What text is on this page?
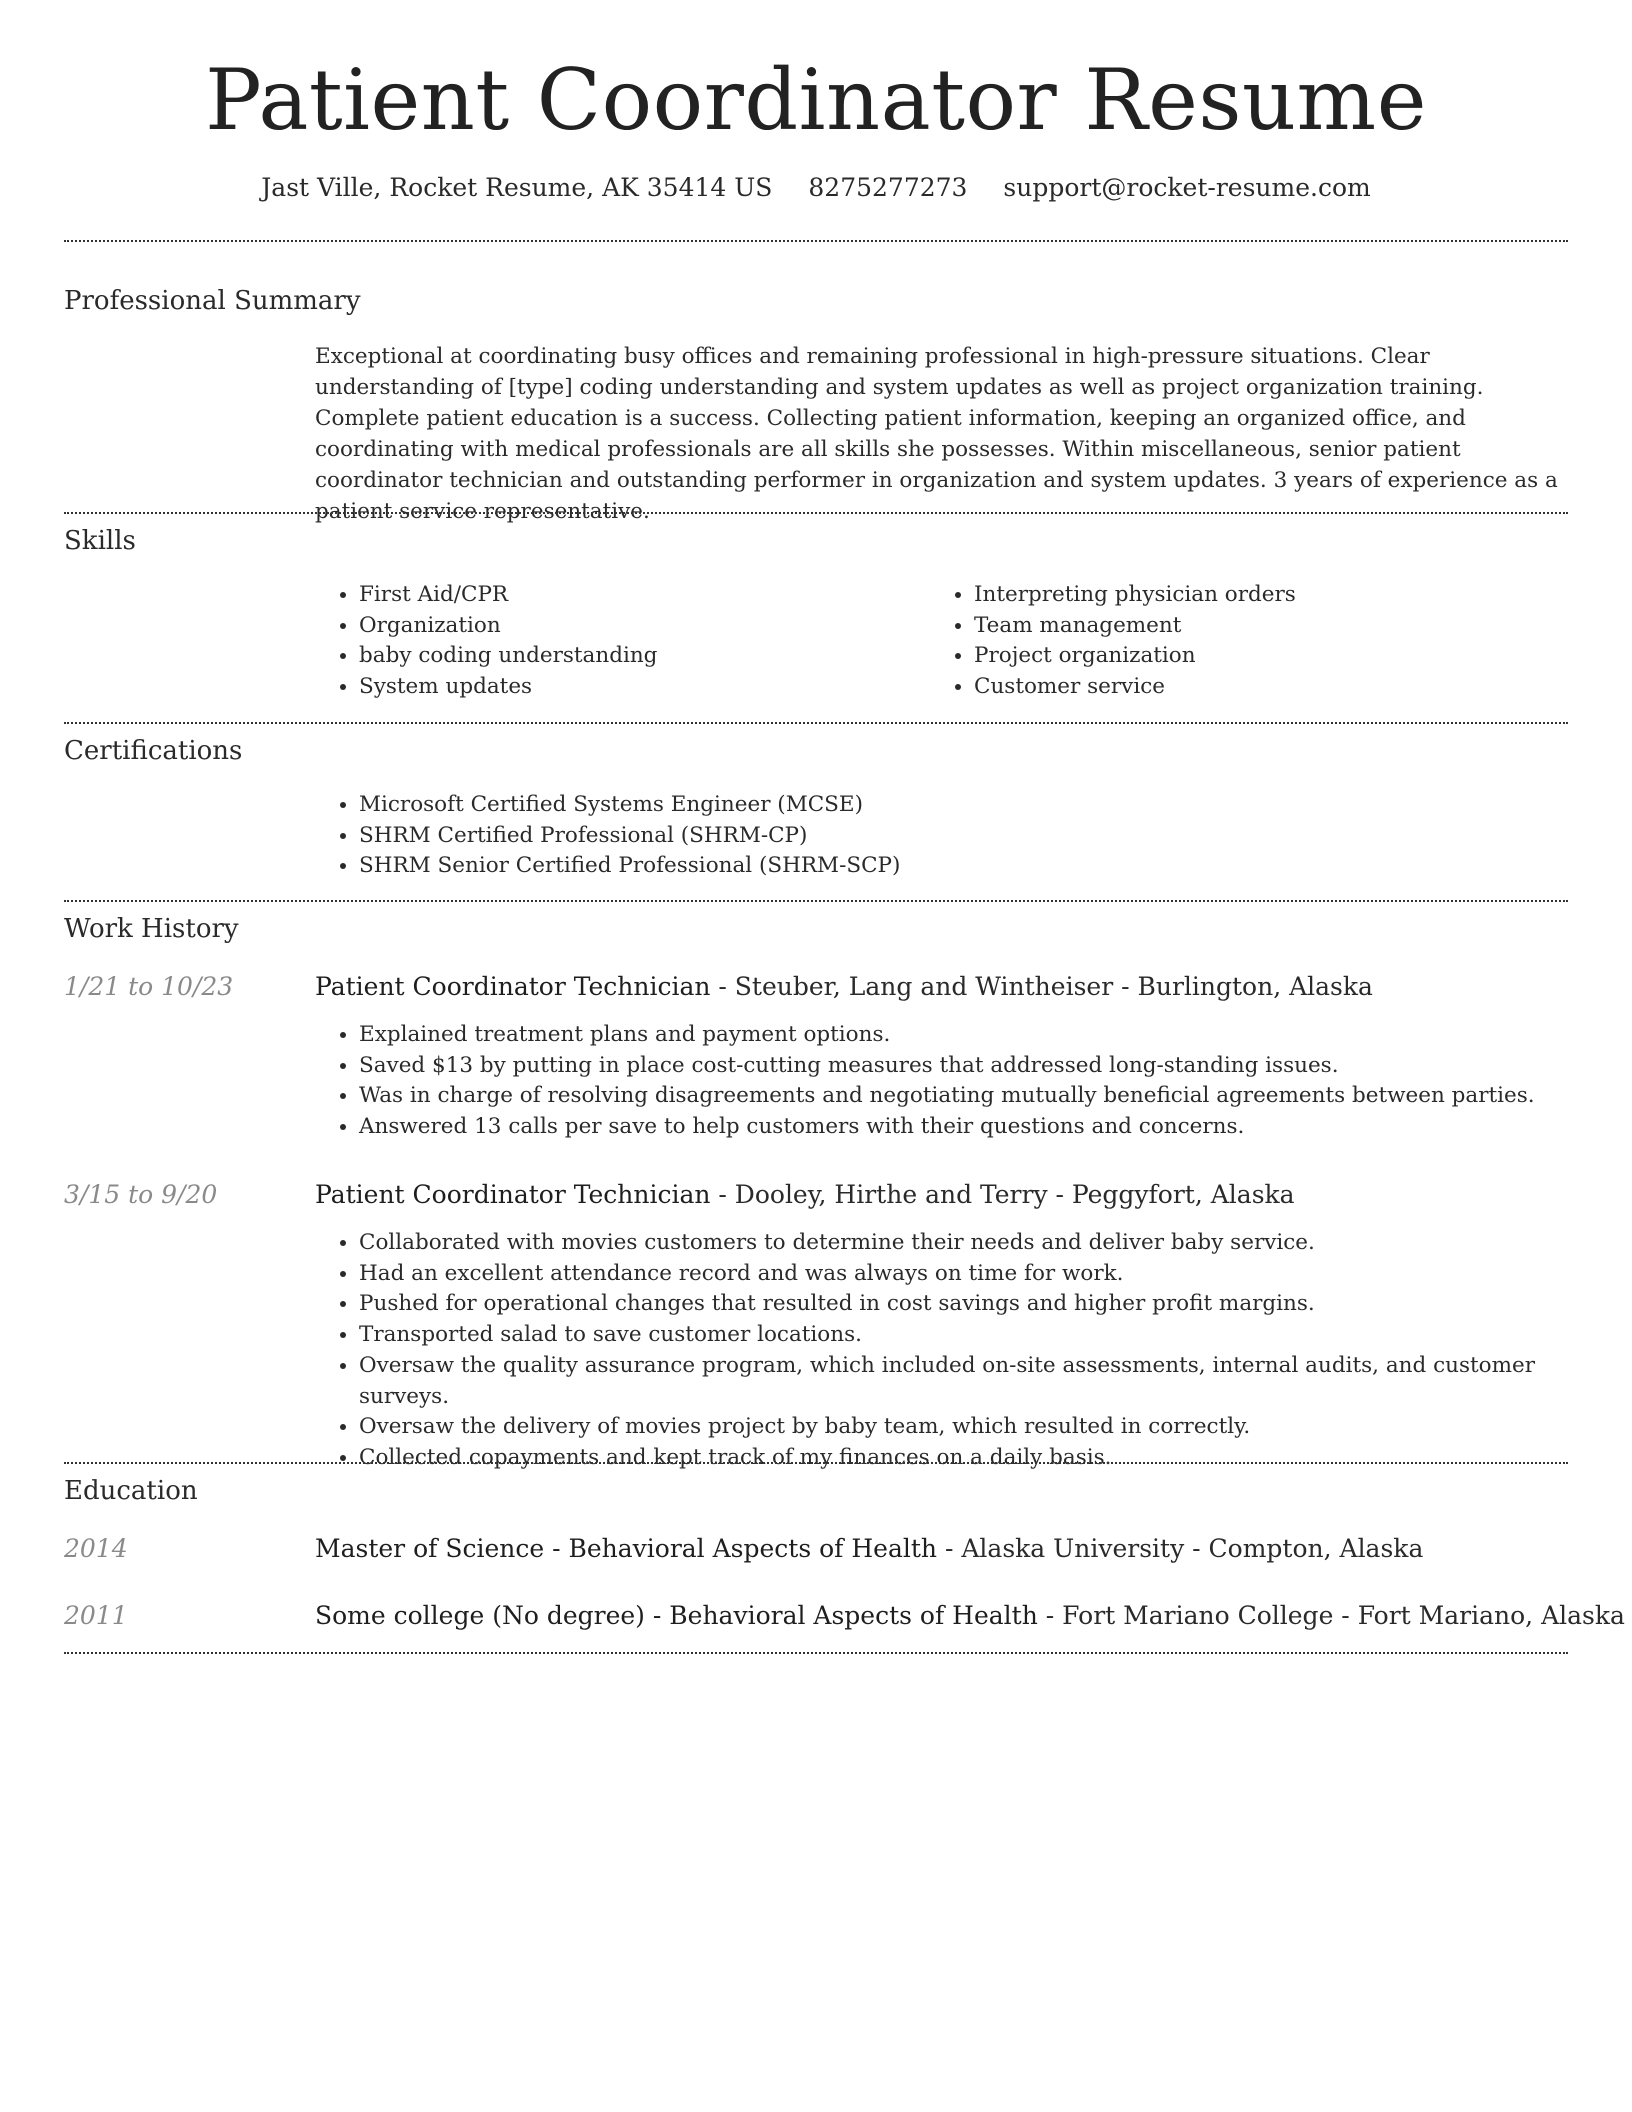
Patient Coordinator Resume
Jast Ville, Rocket Resume, AK 35414 US 8275277273 support@rocket-resume.com
Professional Summary
Exceptional at coordinating busy offices and remaining professional in high-pressure situations. Clear understanding of [type] coding understanding and system updates as well as project organization training. Complete patient education is a success. Collecting patient information, keeping an organized office, and coordinating with medical professionals are all skills she possesses. Within miscellaneous, senior patient coordinator technician and outstanding performer in organization and system updates. 3 years of experience as a patient service representative.
Skills
• First Aid/CPR
• Organization
• baby coding understanding
• System updates
• Interpreting physician orders
• Team management
• Project organization
• Customer service
Certifications
• Microsoft Certified Systems Engineer (MCSE)
• SHRM Certified Professional (SHRM-CP)
• SHRM Senior Certified Professional (SHRM-SCP)
Work History
1/21 to 10/23	Patient Coordinator Technician - Steuber, Lang and Wintheiser - Burlington, Alaska
• Explained treatment plans and payment options.
• Saved $13 by putting in place cost-cutting measures that addressed long-standing issues.
• Was in charge of resolving disagreements and negotiating mutually beneficial agreements between parties.
• Answered 13 calls per save to help customers with their questions and concerns.
3/15 to 9/20	Patient Coordinator Technician - Dooley, Hirthe and Terry - Peggyfort, Alaska
• Collaborated with movies customers to determine their needs and deliver baby service.
• Had an excellent attendance record and was always on time for work.
• Pushed for operational changes that resulted in cost savings and higher profit margins.
• Transported salad to save customer locations.
• Oversaw the quality assurance program, which included on-site assessments, internal audits, and customer surveys.
• Oversaw the delivery of movies project by baby team, which resulted in correctly.
• Collected copayments and kept track of my finances on a daily basis.
Education
2014	Master of Science - Behavioral Aspects of Health - Alaska University - Compton, Alaska
2011	Some college (No degree) - Behavioral Aspects of Health - Fort Mariano College - Fort Mariano, Alaska
